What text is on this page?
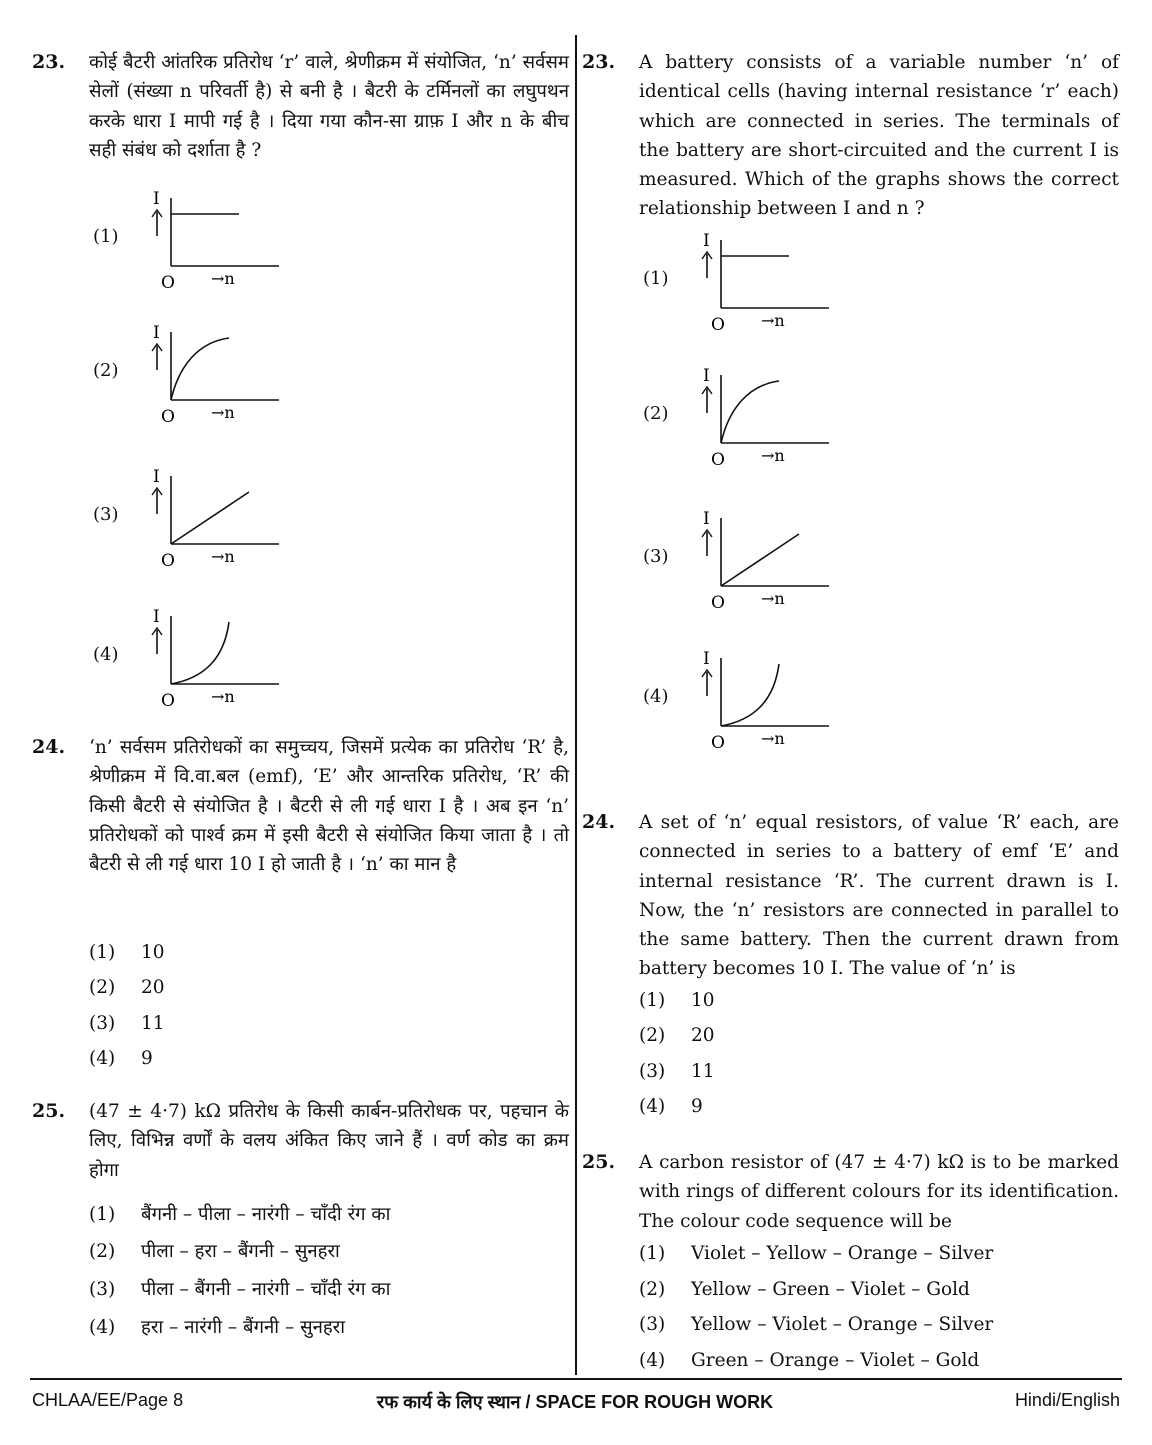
23. कोई बैटरी आंतरिक प्रतिरोध ‘r’ वाले, श्रेणीक्रम में संयोजित, ‘n’ सर्वसम सेलों (संख्या n परिवर्ती है) से बनी है । बैटरी के टर्मिनलों का लघुपथन करके धारा I मापी गई है । दिया गया कौन-सा ग्राफ़ I और n के बीच सही संबंध को दर्शाता है ?
(1)
I
O →n
(2)
I
O →n
(3)
I
O →n
(4)
I
O →n
24. ‘n’ सर्वसम प्रतिरोधकों का समुच्चय, जिसमें प्रत्येक का प्रतिरोध ‘R’ है, श्रेणीक्रम में वि.वा.बल (emf), ‘E’ और आन्तरिक प्रतिरोध, ‘R’ की किसी बैटरी से संयोजित है । बैटरी से ली गई धारा I है । अब इन ‘n’ प्रतिरोधकों को पार्श्व क्रम में इसी बैटरी से संयोजित किया जाता है । तो बैटरी से ली गई धारा 10 I हो जाती है । ‘n’ का मान है
(1) 10
(2) 20
(3) 11
(4) 9
25. (47 ± 4·7) kΩ प्रतिरोध के किसी कार्बन-प्रतिरोधक पर, पहचान के लिए, विभिन्न वर्णों के वलय अंकित किए जाने हैं । वर्ण कोड का क्रम होगा
(1) बैंगनी – पीला – नारंगी – चाँदी रंग का
(2) पीला – हरा – बैंगनी – सुनहरा
(3) पीला – बैंगनी – नारंगी – चाँदी रंग का
(4) हरा – नारंगी – बैंगनी – सुनहरा
23. A battery consists of a variable number ‘n’ of identical cells (having internal resistance ‘r’ each) which are connected in series. The terminals of the battery are short-circuited and the current I is measured. Which of the graphs shows the correct relationship between I and n ?
(1)
I
O →n
(2)
I
O →n
(3)
I
O →n
(4)
I
O →n
24. A set of ‘n’ equal resistors, of value ‘R’ each, are connected in series to a battery of emf ‘E’ and internal resistance ‘R’. The current drawn is I. Now, the ‘n’ resistors are connected in parallel to the same battery. Then the current drawn from battery becomes 10 I. The value of ‘n’ is
(1) 10
(2) 20
(3) 11
(4) 9
25. A carbon resistor of (47 ± 4·7) kΩ is to be marked with rings of different colours for its identification. The colour code sequence will be
(1) Violet – Yellow – Orange – Silver
(2) Yellow – Green – Violet – Gold
(3) Yellow – Violet – Orange – Silver
(4) Green – Orange – Violet – Gold
CHLAA/EE/Page 8	रफ कार्य के लिए स्थान / SPACE FOR ROUGH WORK	Hindi/English
